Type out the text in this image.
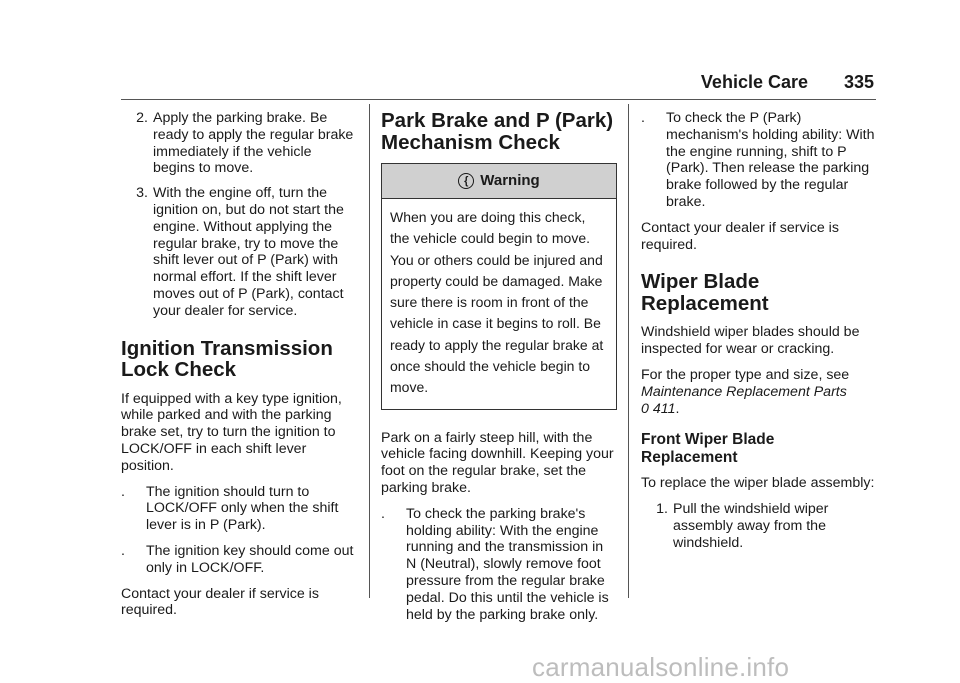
Vehicle Care 335
2. Apply the parking brake. Be ready to apply the regular brake immediately if the vehicle begins to move.
3. With the engine off, turn the ignition on, but do not start the engine. Without applying the regular brake, try to move the shift lever out of P (Park) with normal effort. If the shift lever moves out of P (Park), contact your dealer for service.
Ignition Transmission
Lock Check

If equipped with a key type ignition, while parked and with the parking brake set, try to turn the ignition to LOCK/OFF in each shift lever position.

.	The ignition should turn to LOCK/OFF only when the shift lever is in P (Park).
.	The ignition key should come out only in LOCK/OFF.

Contact your dealer if service is required.

Park Brake and P (Park)
Mechanism Check
{ Warning
When you are doing this check, the vehicle could begin to move. You or others could be injured and property could be damaged. Make sure there is room in front of the vehicle in case it begins to roll. Be ready to apply the regular brake at once should the vehicle begin to move.

Park on a fairly steep hill, with the vehicle facing downhill. Keeping your foot on the regular brake, set the parking brake.

.	To check the parking brake's holding ability: With the engine running and the transmission in N (Neutral), slowly remove foot pressure from the regular brake pedal. Do this until the vehicle is held by the parking brake only.
.	To check the P (Park) mechanism's holding ability: With the engine running, shift to P (Park). Then release the parking brake followed by the regular brake.

Contact your dealer if service is required.

Wiper Blade Replacement

Windshield wiper blades should be inspected for wear or cracking.

For the proper type and size, see
Maintenance Replacement Parts
0 411.

Front Wiper Blade
Replacement

To replace the wiper blade assembly:

1. Pull the windshield wiper assembly away from the windshield.
carmanualsonline.info
